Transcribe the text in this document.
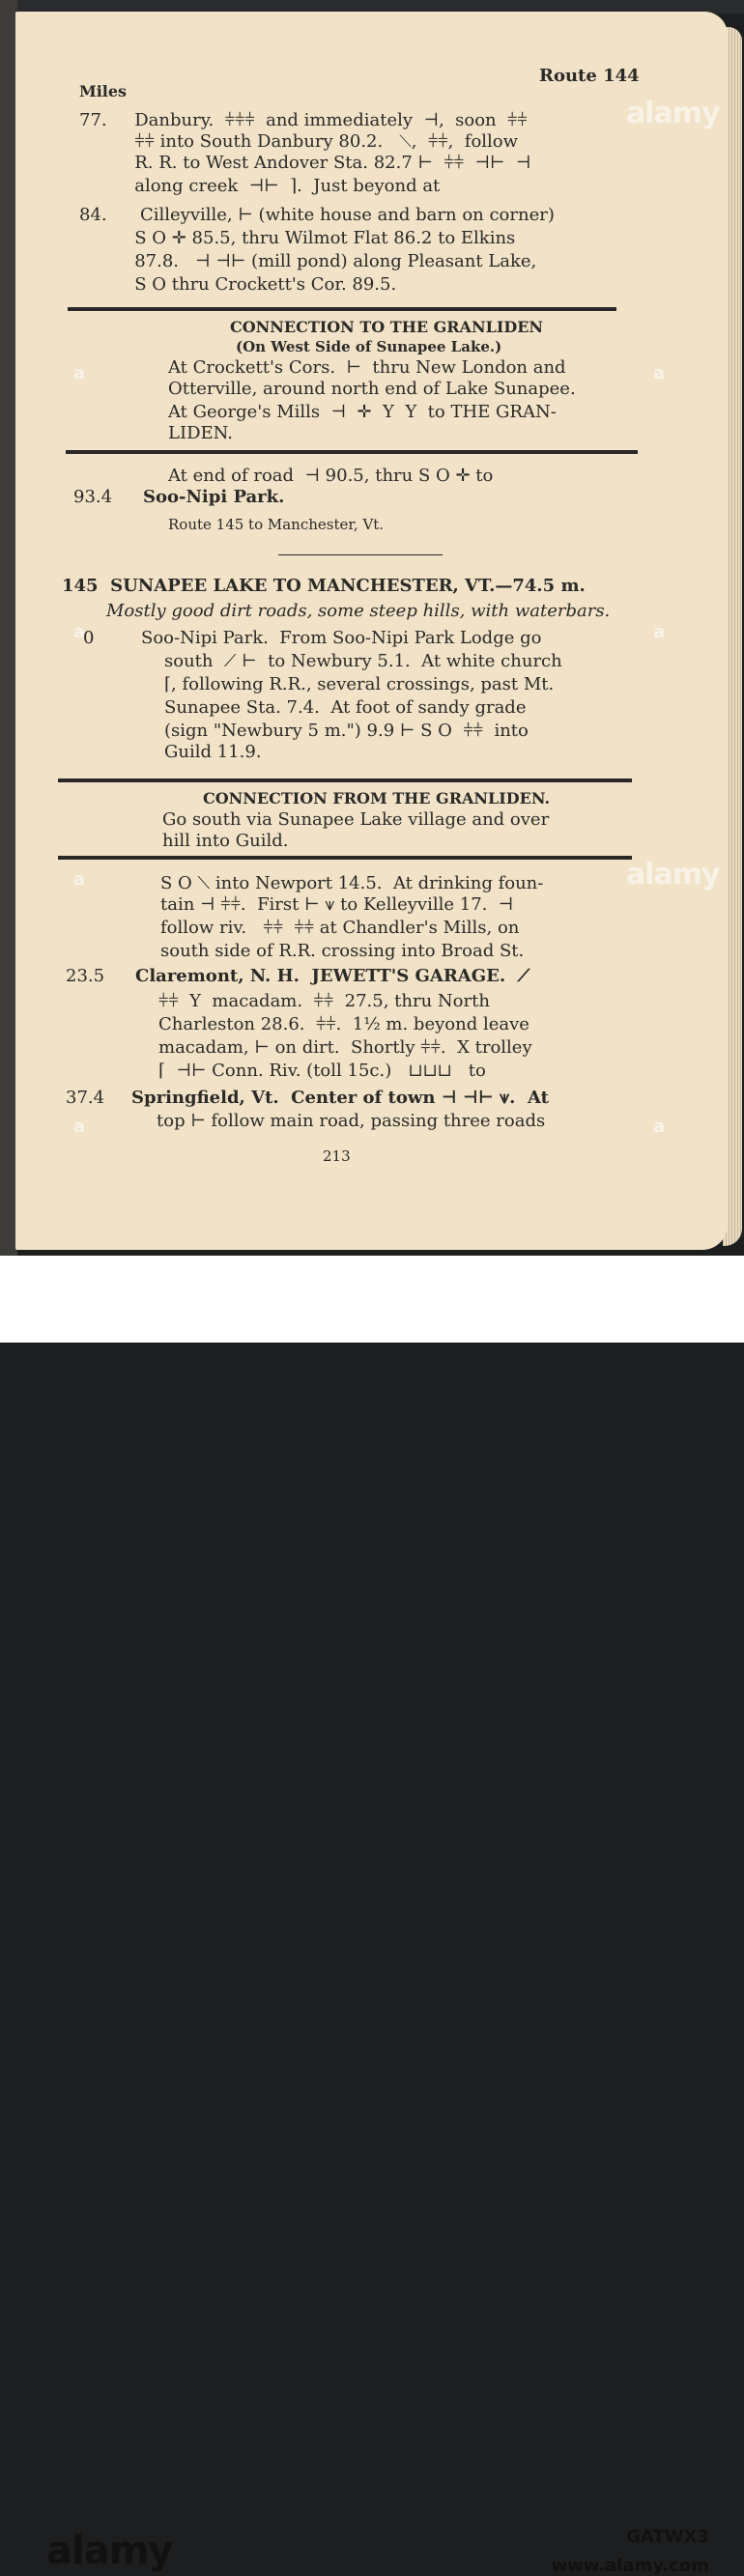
Miles
Route 144
77.     Danbury.  ⫩⫩⫩  and immediately  ⊣,  soon  ⫩⫩
⫩⫩ into South Danbury 80.2.   ⟍,  ⫩⫩,  follow
R. R. to West Andover Sta. 82.7 ⊢  ⫩⫩  ⊣⊢  ⊣
along creek  ⊣⊢  ⌉.  Just beyond at
84.      Cilleyville, ⊢ (white house and barn on corner)
S O ✛ 85.5, thru Wilmot Flat 86.2 to Elkins
87.8.   ⊣ ⊣⊢ (mill pond) along Pleasant Lake,
S O thru Crockett's Cor. 89.5.
CONNECTION TO THE GRANLIDEN
(On West Side of Sunapee Lake.)
At Crockett's Cors.  ⊢  thru New London and
Otterville, around north end of Lake Sunapee.
At George's Mills  ⊣  ✛  Y  Y  to THE GRAN-
LIDEN.
At end of road  ⊣ 90.5, thru S O ✛ to
93.4 Soo-Nipi Park.
Route 145 to Manchester, Vt.
145  SUNAPEE LAKE TO MANCHESTER, VT.—74.5 m.
Mostly good dirt roads, some steep hills, with waterbars.
0	Soo-Nipi Park.  From Soo-Nipi Park Lodge go
south  ⟋ ⊢  to Newbury 5.1.  At white church
⌈, following R.R., several crossings, past Mt.
Sunapee Sta. 7.4.  At foot of sandy grade
(sign "Newbury 5 m.") 9.9 ⊢ S O  ⫩⫩  into
Guild 11.9.
CONNECTION FROM THE GRANLIDEN.
Go south via Sunapee Lake village and over
hill into Guild.
S O ⟍ into Newport 14.5.  At drinking foun-
tain ⊣ ⫩⫩.  First ⊢ ⩛ to Kelleyville 17.  ⊣
follow riv.   ⫩⫩  ⫩⫩ at Chandler's Mills, on
south side of R.R. crossing into Broad St.
23.5 Claremont, N. H.  JEWETT'S GARAGE.  ⟋
⫩⫩  Y  macadam.  ⫩⫩  27.5, thru North
Charleston 28.6.  ⫩⫩.  1½ m. beyond leave
macadam, ⊢ on dirt.  Shortly ⫩⫩.  X trolley
⌈  ⊣⊢ Conn. Riv. (toll 15c.)   ⊔⊔⊔   to
37.4 Springfield, Vt.  Center of town ⊣ ⊣⊢ ⩛.  At
top ⊢ follow main road, passing three roads
213
alamy
alamy
a
a
a
a
a
a
a
alamy	GATWX3
www.alamy.com
